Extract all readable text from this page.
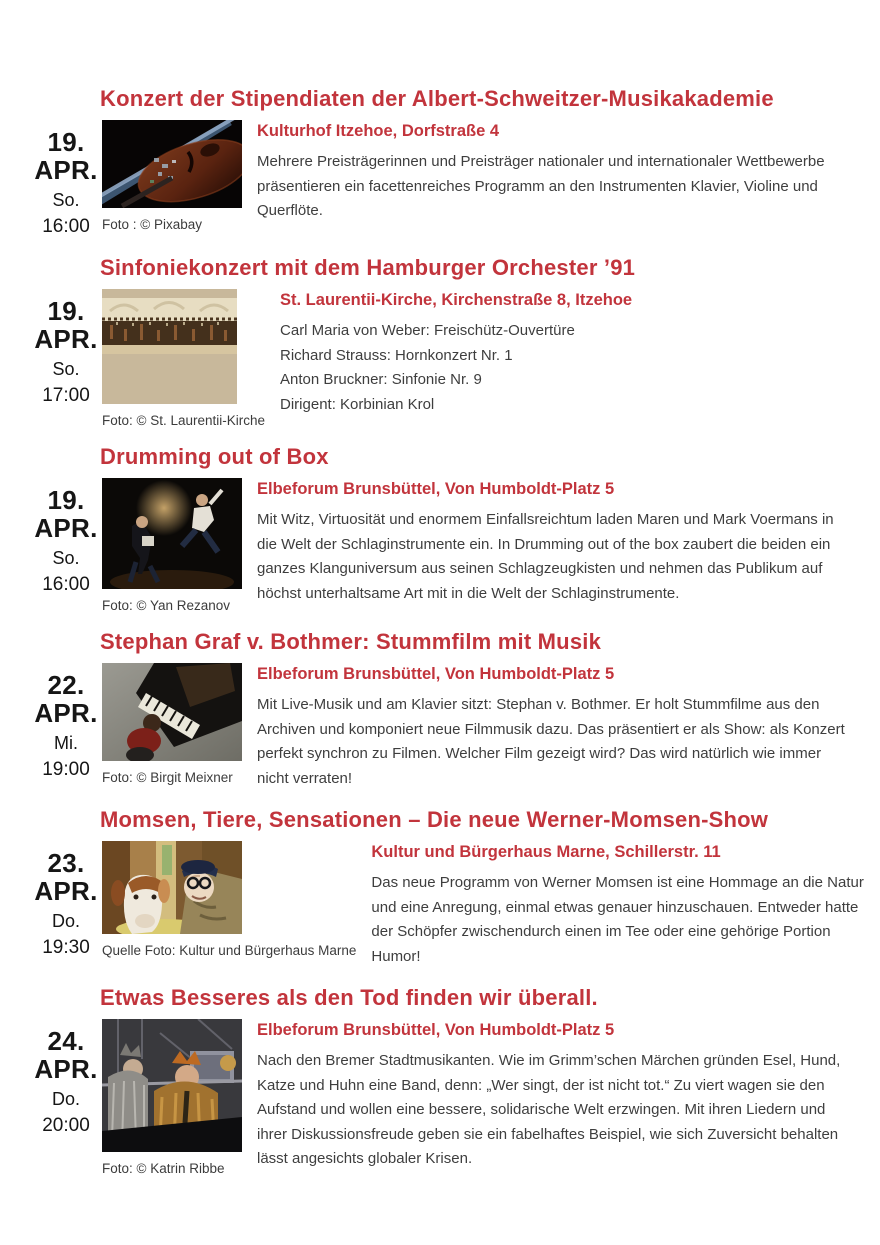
Konzert der Stipendiaten der Albert-Schweitzer-Musikakademie
19.
APR.
So.
16:00 Foto : © Pixabay
Kulturhof Itzehoe, Dorfstraße 4
Mehrere Preisträgerinnen und Preisträger nationaler und internationaler Wettbewerbe präsentieren ein facettenreiches Programm an den Instrumenten Klavier, Violine und Querflöte.
Sinfoniekonzert mit dem Hamburger Orchester ’91
19.
APR.
So.
17:00
Foto: © St. Laurentii-Kirche
St. Laurentii-Kirche, Kirchenstraße 8, Itzehoe
Carl Maria von Weber: Freischütz-Ouvertüre
Richard Strauss: Hornkonzert Nr. 1
Anton Bruckner: Sinfonie Nr. 9
Dirigent: Korbinian Krol
Drumming out of Box
19.
APR.
So.
16:00
Foto: © Yan Rezanov
Elbeforum Brunsbüttel, Von Humboldt-Platz 5
Mit Witz, Virtuosität und enormem Einfallsreichtum laden Maren und Mark Voermans in die Welt der Schlaginstrumente ein. In Drumming out of the box zaubert die beiden ein ganzes Klanguniversum aus seinen Schlagzeugkisten und nehmen das Publikum auf höchst unterhaltsame Art mit in die Welt der Schlaginstrumente.
Stephan Graf v. Bothmer: Stummfilm mit Musik
22.
APR.
Mi.
19:00 Foto: © Birgit Meixner
Elbeforum Brunsbüttel, Von Humboldt-Platz 5
Mit Live-Musik und am Klavier sitzt: Stephan v. Bothmer. Er holt Stummfilme aus den Archiven und komponiert neue Filmmusik dazu. Das präsentiert er als Show: als Konzert perfekt synchron zu Filmen. Welcher Film gezeigt wird? Das wird natürlich wie immer nicht verraten!
Momsen, Tiere, Sensationen – Die neue Werner-Momsen-Show
23.
APR.
Do.
19:30 Quelle Foto: Kultur und Bürgerhaus Marne
Kultur und Bürgerhaus Marne, Schillerstr. 11
Das neue Programm von Werner Momsen ist eine Hommage an die Natur und eine Anregung, einmal etwas genauer hinzuschauen. Entweder hatte der Schöpfer zwischendurch einen im Tee oder eine gehörige Portion Humor!
Etwas Besseres als den Tod finden wir überall.
24.
APR.
Do.
20:00
Foto: © Katrin Ribbe
Elbeforum Brunsbüttel, Von Humboldt-Platz 5
Nach den Bremer Stadtmusikanten. Wie im Grimm’schen Märchen gründen Esel, Hund, Katze und Huhn eine Band, denn: „Wer singt, der ist nicht tot.“ Zu viert wagen sie den Aufstand und wollen eine bessere, solidarische Welt erzwingen. Mit ihren Liedern und ihrer Diskussionsfreude geben sie ein fabelhaftes Beispiel, wie sich Zuversicht behalten lässt angesichts globaler Krisen.
